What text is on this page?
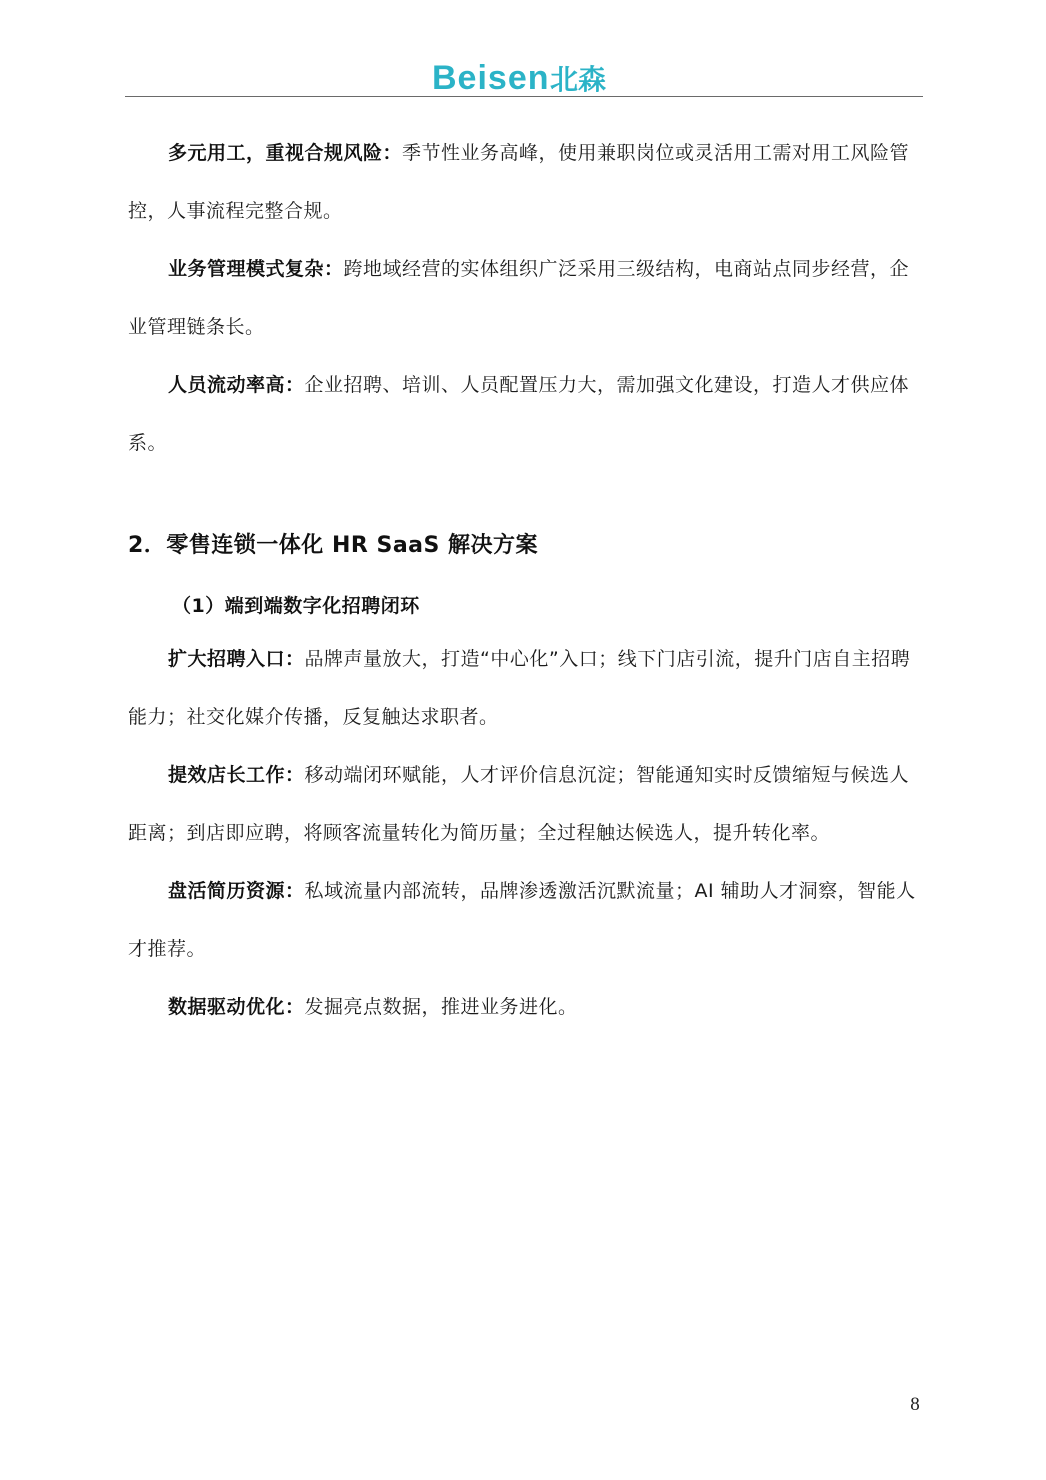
Beisen 北森

多元用工，重视合规风险：季节性业务高峰，使用兼职岗位或灵活用工需对用工风险管控，人事流程完整合规。

业务管理模式复杂：跨地域经营的实体组织广泛采用三级结构，电商站点同步经营，企业管理链条长。

人员流动率高：企业招聘、培训、人员配置压力大，需加强文化建设，打造人才供应体系。

2．零售连锁一体化 HR SaaS 解决方案
（1）端到端数字化招聘闭环

扩大招聘入口：品牌声量放大，打造“中心化”入口；线下门店引流，提升门店自主招聘能力；社交化媒介传播，反复触达求职者。

提效店长工作：移动端闭环赋能，人才评价信息沉淀；智能通知实时反馈缩短与候选人距离；到店即应聘，将顾客流量转化为简历量；全过程触达候选人，提升转化率。

盘活简历资源：私域流量内部流转，品牌渗透激活沉默流量；AI 辅助人才洞察，智能人才推荐。

数据驱动优化：发掘亮点数据，推进业务进化。

8
